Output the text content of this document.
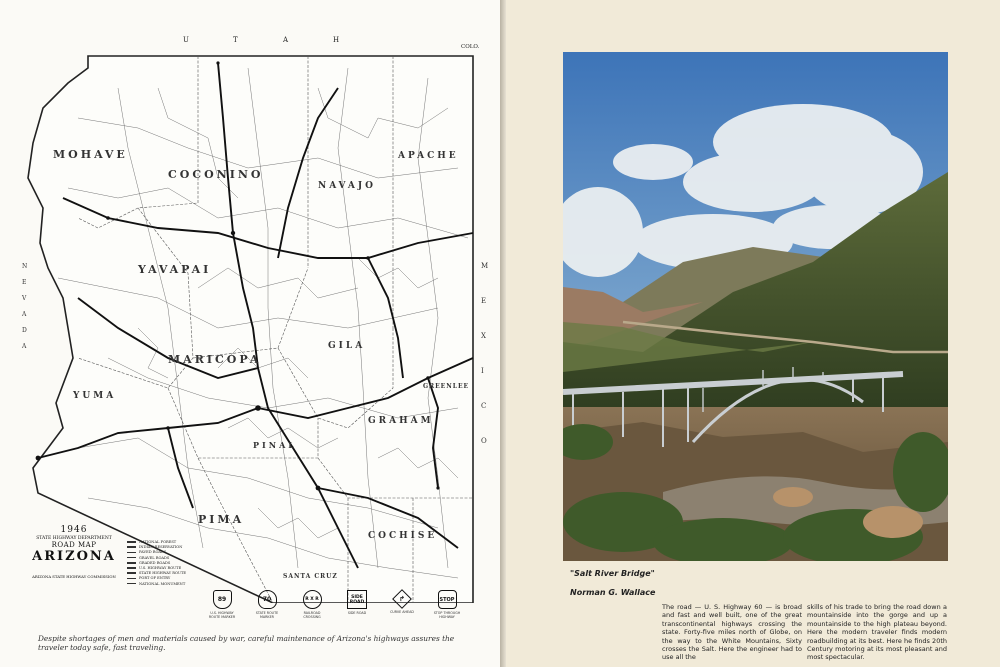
U	T	A	H
COLO.
MOHAVE
COCONINO
APACHE
NAVAJO
YAVAPAI
GILA
MARICOPA
YUMA
GRAHAM
PIMA
PINAL
COCHISE
SANTA CRUZ
GREENLEE
M
E
X
I
C
O
N
E
V
A
D
A
1946
STATE HIGHWAY DEPARTMENT
ROAD MAP
ARIZONA
ARIZONA STATE HIGHWAY COMMISSION
NATIONAL FOREST
INDIAN RESERVATION
PAVED ROADS
GRAVEL ROADS
GRADED ROADS
U.S. HIGHWAY ROUTE
STATE HIGHWAY ROUTE
PORT OF ENTRY
NATIONAL MONUMENT
89
U.S. HIGHWAY ROUTE MARKER
70
STATE ROUTE MARKER
R X R
RAILROAD CROSSING
SIDE ROAD
SIDE ROAD
↱
CURVE AHEAD
STOP
STOP THROUGH HIGHWAY
Despite shortages of men and materials caused by war, careful maintenance of Arizona's highways assures the traveler today safe, fast traveling.
"Salt River Bridge"
Norman G. Wallace
The road — U. S. Highway 60 — is broad and fast and well built, one of the great transcontinental highways crossing the state. Forty-five miles north of Globe, on the way to the White Mountains, Sixty crosses the Salt. Here the engineer had to use all the
skills of his trade to bring the road down a mountainside into the gorge and up a mountainside to the high plateau beyond. Here the modern traveler finds modern roadbuilding at its best. Here he finds 20th Century motoring at its most pleasant and most spectacular.
